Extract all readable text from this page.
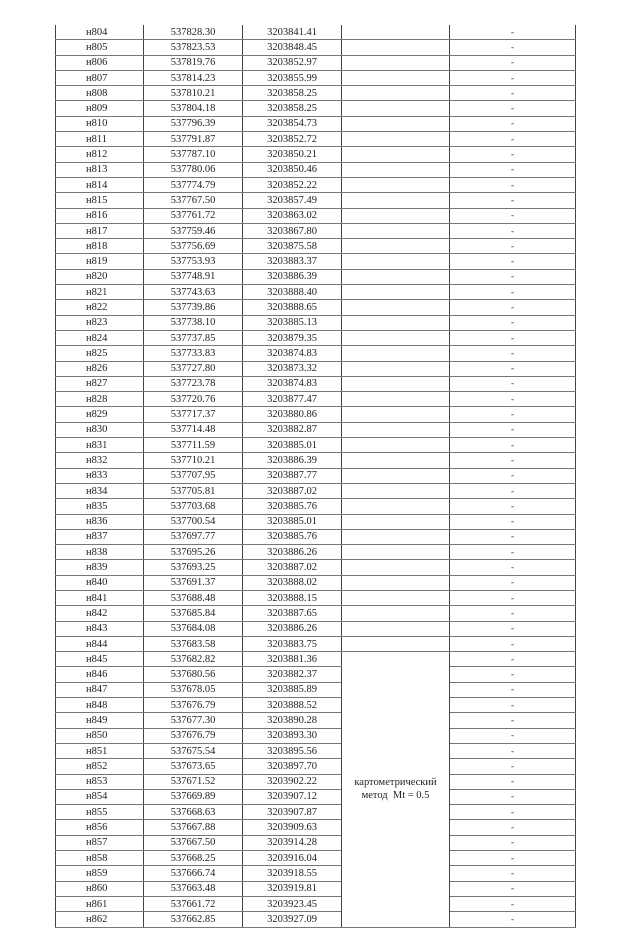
н804	537828.30	3203841.41		-
н805	537823.53	3203848.45		-
н806	537819.76	3203852.97		-
н807	537814.23	3203855.99		-
н808	537810.21	3203858.25		-
н809	537804.18	3203858.25		-
н810	537796.39	3203854.73		-
н811	537791.87	3203852.72		-
н812	537787.10	3203850.21		-
н813	537780.06	3203850.46		-
н814	537774.79	3203852.22		-
н815	537767.50	3203857.49		-
н816	537761.72	3203863.02		-
н817	537759.46	3203867.80		-
н818	537756.69	3203875.58		-
н819	537753.93	3203883.37		-
н820	537748.91	3203886.39		-
н821	537743.63	3203888.40		-
н822	537739.86	3203888.65		-
н823	537738.10	3203885.13		-
н824	537737.85	3203879.35		-
н825	537733.83	3203874.83		-
н826	537727.80	3203873.32		-
н827	537723.78	3203874.83		-
н828	537720.76	3203877.47		-
н829	537717.37	3203880.86		-
н830	537714.48	3203882.87		-
н831	537711.59	3203885.01		-
н832	537710.21	3203886.39		-
н833	537707.95	3203887.77		-
н834	537705.81	3203887.02		-
н835	537703.68	3203885.76		-
н836	537700.54	3203885.01		-
н837	537697.77	3203885.76		-
н838	537695.26	3203886.26		-
н839	537693.25	3203887.02		-
н840	537691.37	3203888.02		-
н841	537688.48	3203888.15		-
н842	537685.84	3203887.65		-
н843	537684.08	3203886.26		-
н844	537683.58	3203883.75		-
н845	537682.82	3203881.36	картометрический
метод  Mt = 0.5	-
н846	537680.56	3203882.37		-
н847	537678.05	3203885.89		-
н848	537676.79	3203888.52		-
н849	537677.30	3203890.28		-
н850	537676.79	3203893.30		-
н851	537675.54	3203895.56		-
н852	537673.65	3203897.70		-
н853	537671.52	3203902.22		-
н854	537669.89	3203907.12		-
н855	537668.63	3203907.87		-
н856	537667.88	3203909.63		-
н857	537667.50	3203914.28		-
н858	537668.25	3203916.04		-
н859	537666.74	3203918.55		-
н860	537663.48	3203919.81		-
н861	537661.72	3203923.45		-
н862	537662.85	3203927.09		-
